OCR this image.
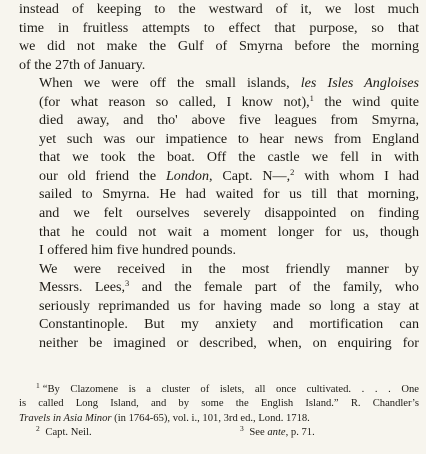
instead of keeping to the westward of it, we lost much
time in fruitless attempts to effect that purpose, so that
we did not make the Gulf of Smyrna before the morning
of the 27th of January.

When we were off the small islands, les Isles Angloises
(for what reason so called, I know not),$^1$ the wind quite
died away, and tho' above five leagues from Smyrna,
yet such was our impatience to hear news from England
that we took the boat. Off the castle we fell in with
our old friend the London, Capt. N—,$^2$ with whom I had
sailed to Smyrna. He had waited for us till that morning,
and we felt ourselves severely disappointed on finding
that he could not wait a moment longer for us, though
I offered him five hundred pounds.

We were received in the most friendly manner by
Messrs. Lees,$^3$ and the female part of the family, who
seriously reprimanded us for having made so long a stay at
Constantinople. But my anxiety and mortification can
neither be imagined or described, when, on enquiring for

$^1$ “By Clazomene is a cluster of islets, all once cultivated. . . . One
is called Long Island, and by some the English Island.” R. Chandler’s
Travels in Asia Minor (in 1764-65), vol. i., 101, 3rd ed., Lond. 1718.
$^2$ Capt. Neil.	$^3$ See ante, p. 71.
